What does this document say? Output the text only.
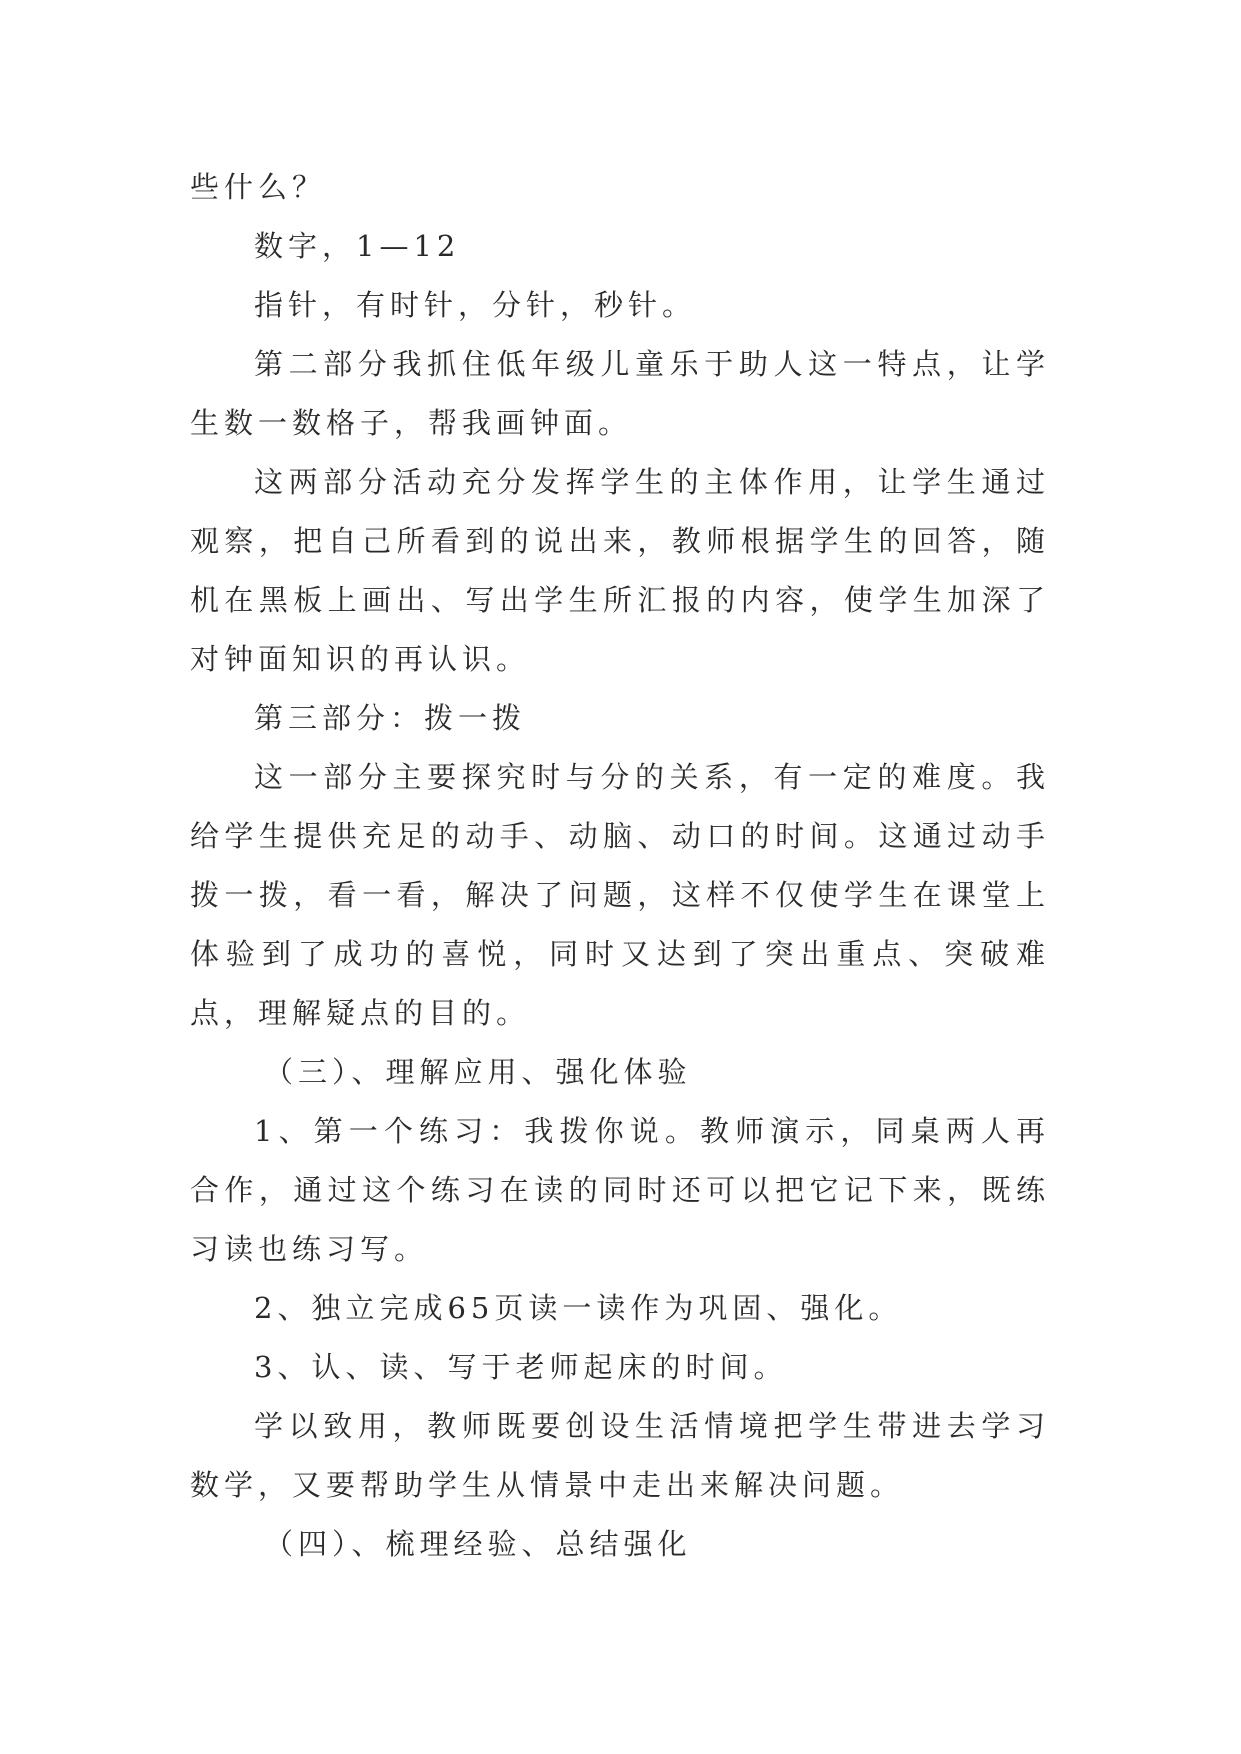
些什么？

数字，1—12

指针，有时针，分针，秒针。

第二部分我抓住低年级儿童乐于助人这一特点，让学生数一数格子，帮我画钟面。

这两部分活动充分发挥学生的主体作用，让学生通过观察，把自己所看到的说出来，教师根据学生的回答，随机在黑板上画出、写出学生所汇报的内容，使学生加深了对钟面知识的再认识。

第三部分：拨一拨

这一部分主要探究时与分的关系，有一定的难度。我给学生提供充足的动手、动脑、动口的时间。这通过动手拨一拨，看一看，解决了问题，这样不仅使学生在课堂上体验到了成功的喜悦，同时又达到了突出重点、突破难点，理解疑点的目的。

（三）、理解应用、强化体验

1、第一个练习：我拨你说。教师演示，同桌两人再合作，通过这个练习在读的同时还可以把它记下来，既练习读也练习写。

2、独立完成65页读一读作为巩固、强化。

3、认、读、写于老师起床的时间。

学以致用，教师既要创设生活情境把学生带进去学习数学，又要帮助学生从情景中走出来解决问题。

（四）、梳理经验、总结强化
